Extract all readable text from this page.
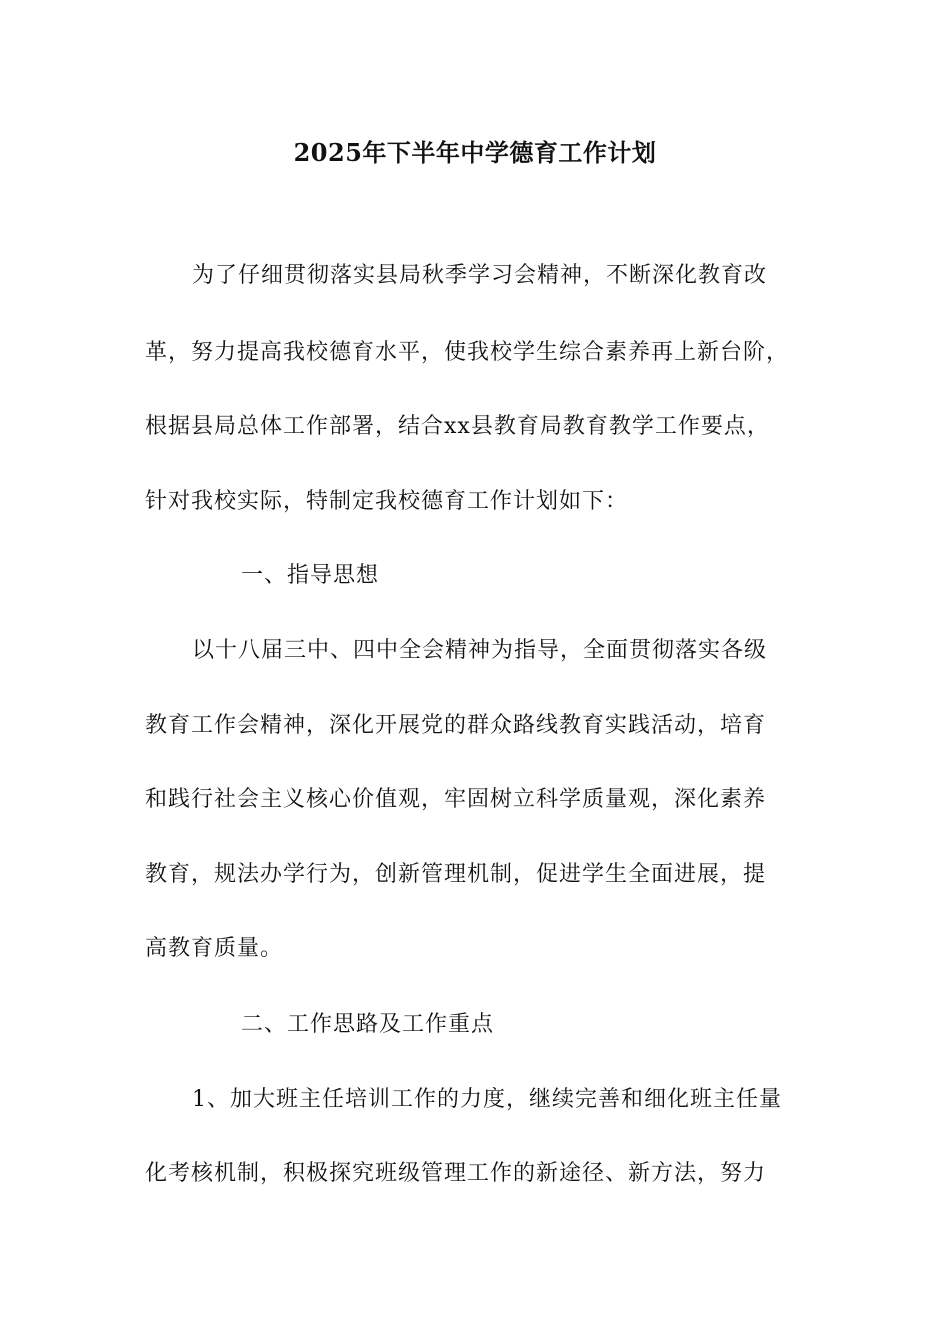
2025年下半年中学德育工作计划
为了仔细贯彻落实县局秋季学习会精神，不断深化教育改
革，努力提高我校德育水平，使我校学生综合素养再上新台阶，
根据县局总体工作部署，结合xx县教育局教育教学工作要点，
针对我校实际，特制定我校德育工作计划如下：
一、指导思想
以十八届三中、四中全会精神为指导，全面贯彻落实各级
教育工作会精神，深化开展党的群众路线教育实践活动，培育
和践行社会主义核心价值观，牢固树立科学质量观，深化素养
教育，规法办学行为，创新管理机制，促进学生全面进展，提
高教育质量。
二、工作思路及工作重点
1、加大班主任培训工作的力度，继续完善和细化班主任量
化考核机制，积极探究班级管理工作的新途径、新方法，努力
